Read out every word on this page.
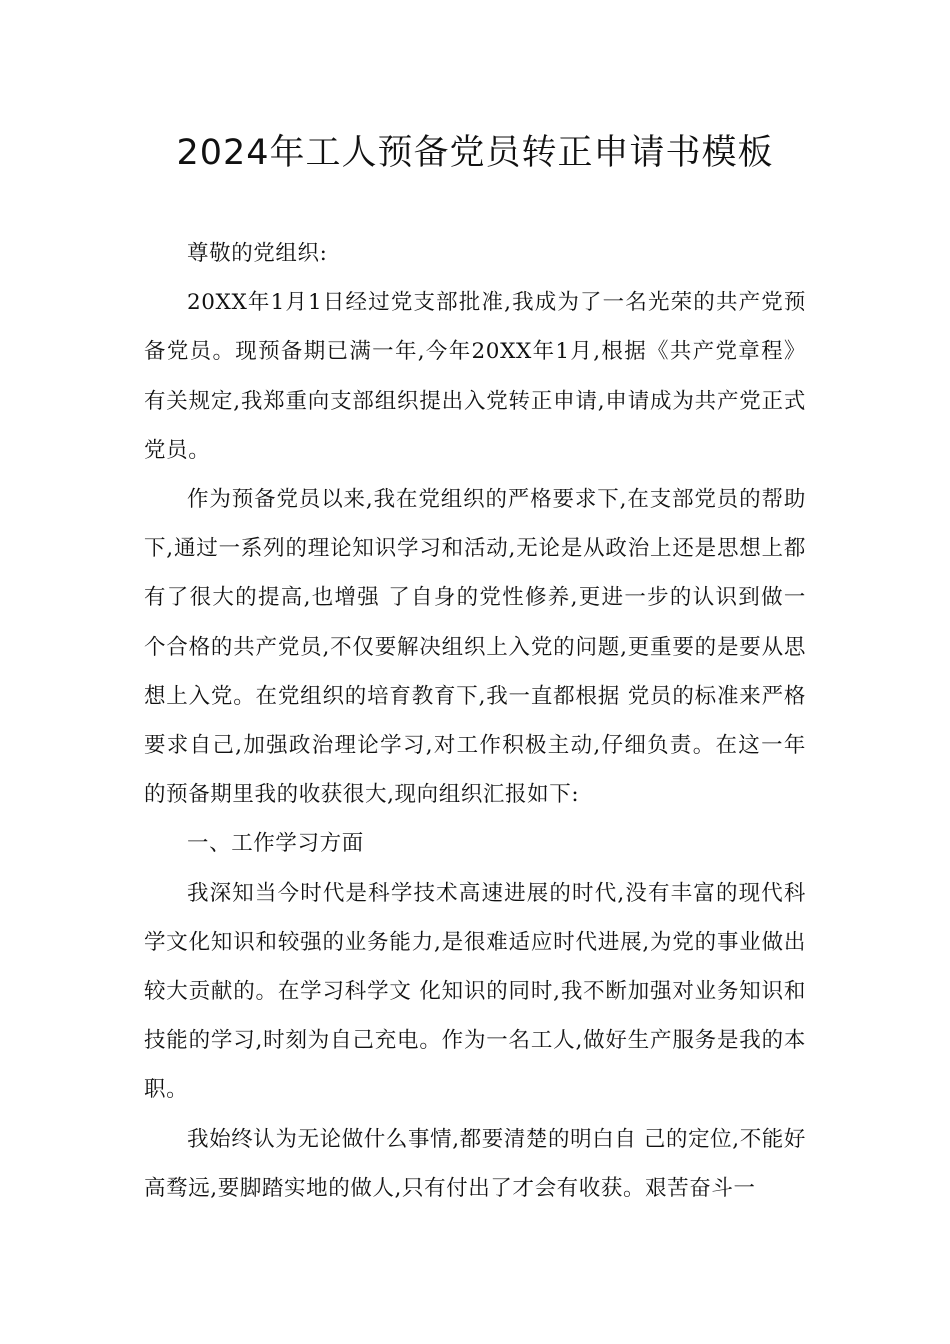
2024年工人预备党员转正申请书模板

尊敬的党组织:

20XX年1月1日经过党支部批准,我成为了一名光荣的共产党预备党员。现预备期已满一年,今年20XX年1月,根据《共产党章程》有关规定,我郑重向支部组织提出入党转正申请,申请成为共产党正式党员。

作为预备党员以来,我在党组织的严格要求下,在支部党员的帮助下,通过一系列的理论知识学习和活动,无论是从政治上还是思想上都有了很大的提高,也增强 了自身的党性修养,更进一步的认识到做一个合格的共产党员,不仅要解决组织上入党的问题,更重要的是要从思想上入党。在党组织的培育教育下,我一直都根据 党员的标准来严格要求自己,加强政治理论学习,对工作积极主动,仔细负责。在这一年的预备期里我的收获很大,现向组织汇报如下:

一、工作学习方面

我深知当今时代是科学技术高速进展的时代,没有丰富的现代科学文化知识和较强的业务能力,是很难适应时代进展,为党的事业做出较大贡献的。在学习科学文 化知识的同时,我不断加强对业务知识和技能的学习,时刻为自己充电。作为一名工人,做好生产服务是我的本职。

我始终认为无论做什么事情,都要清楚的明白自 己的定位,不能好高骛远,要脚踏实地的做人,只有付出了才会有收获。艰苦奋斗一
